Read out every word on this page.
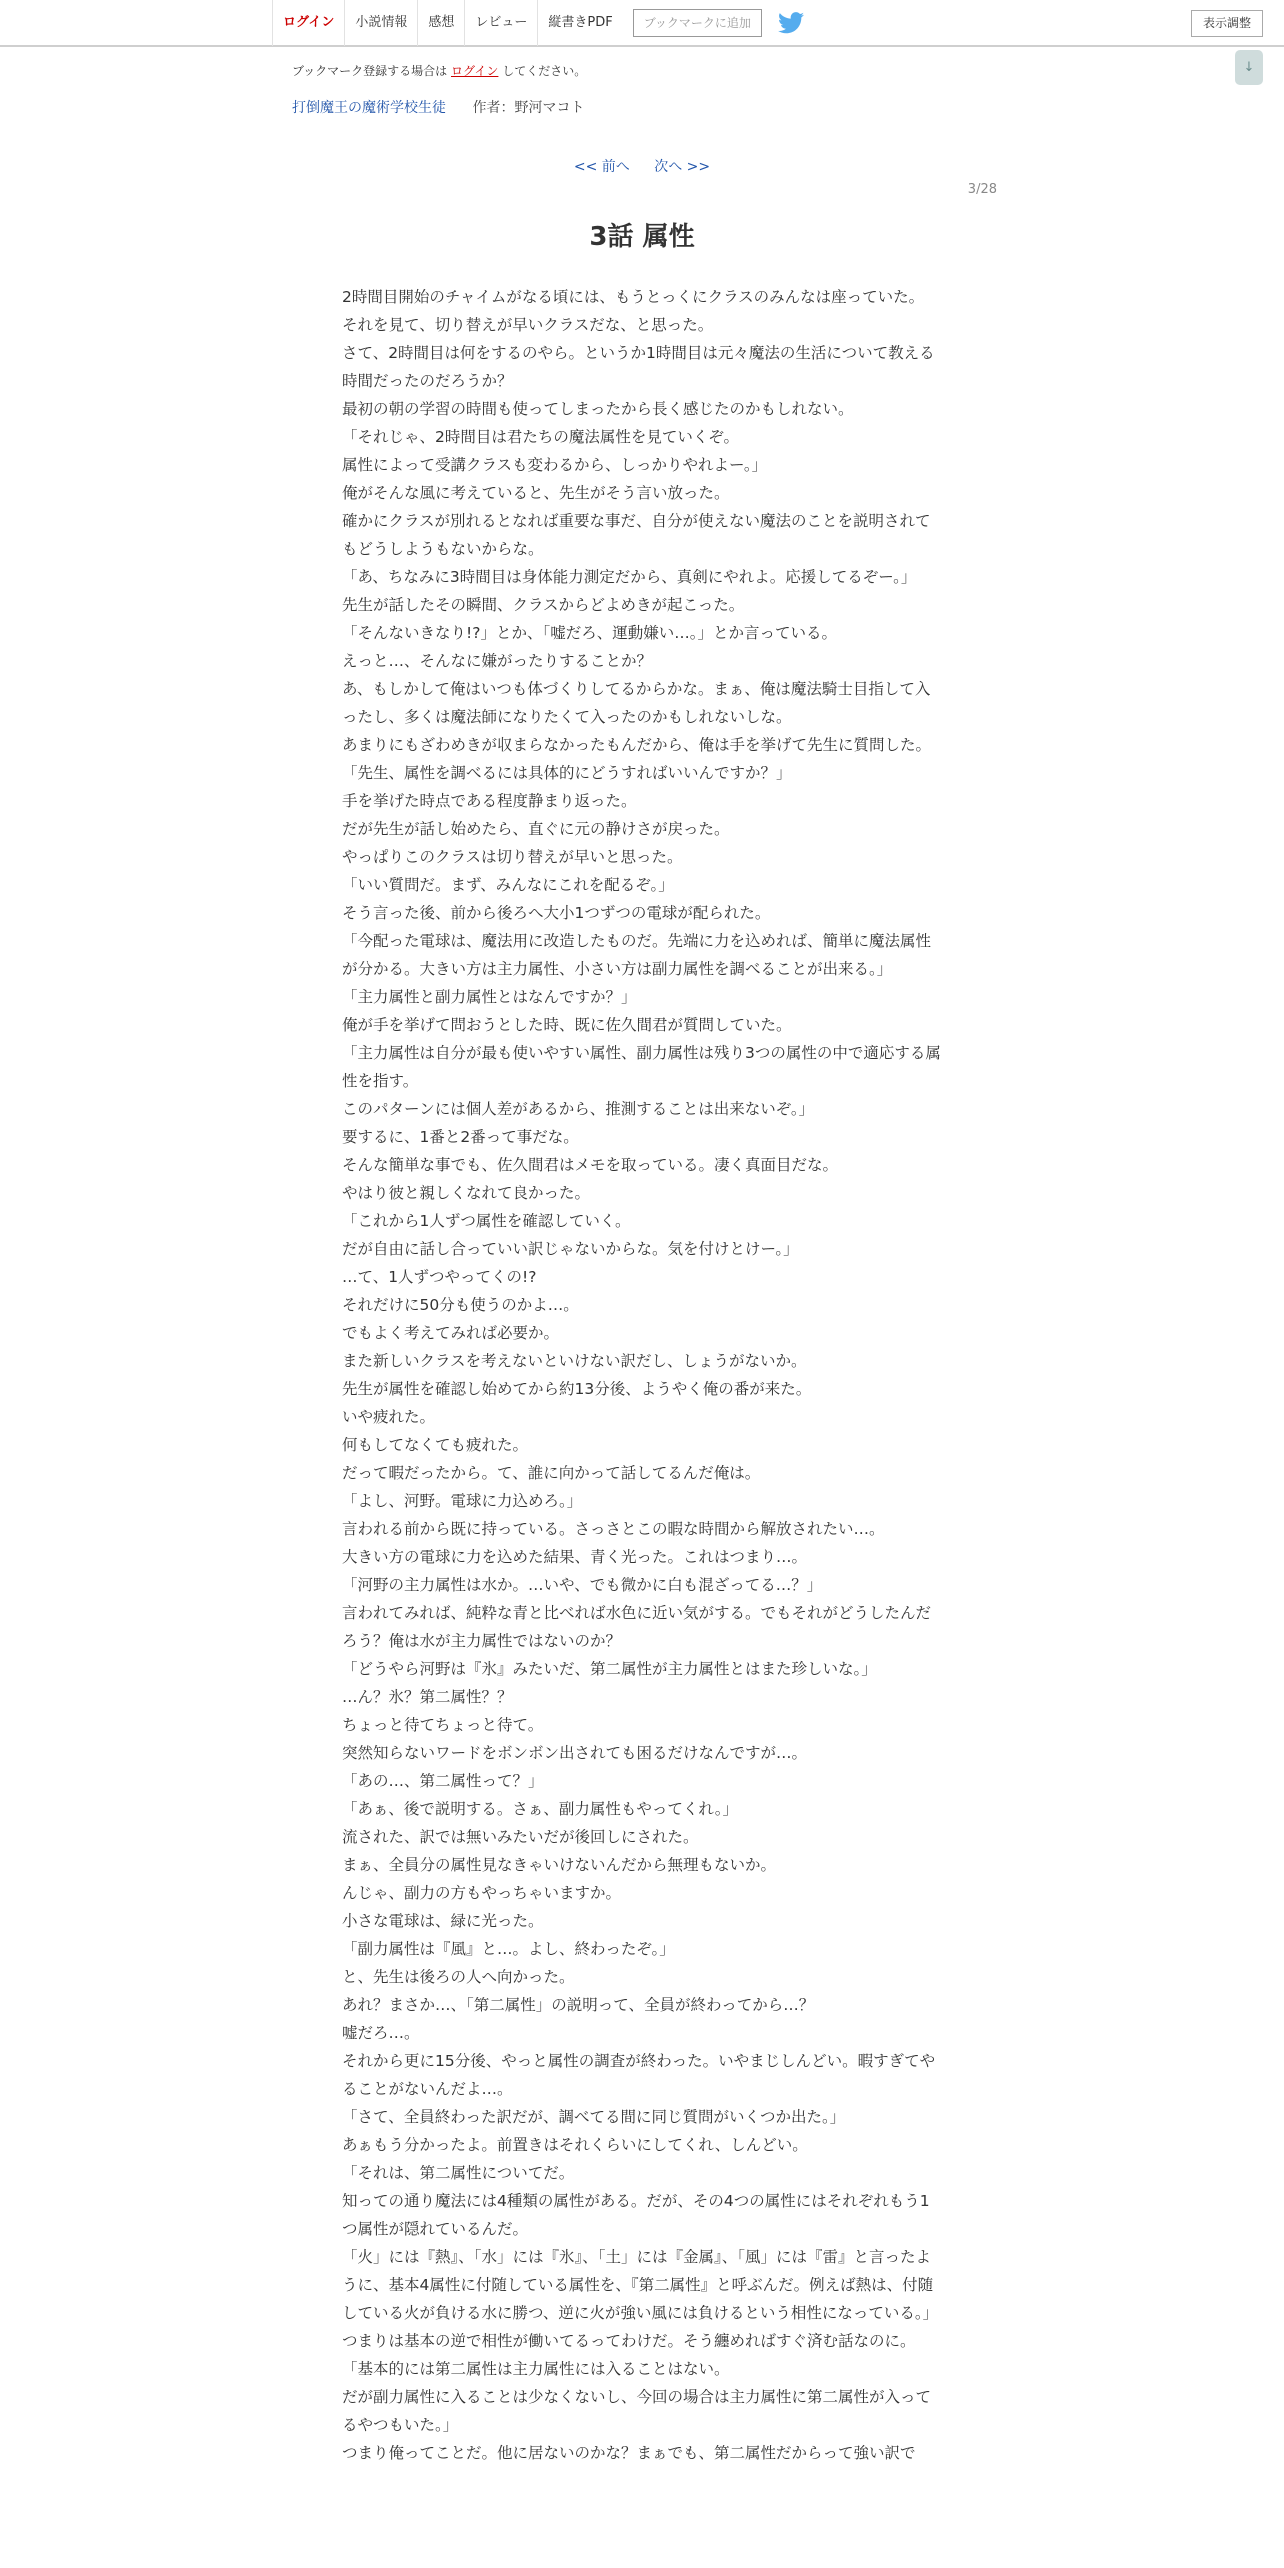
ログイン	小説情報	感想	レビュー	縦書きPDF	ブックマークに追加	表示調整
↓
ブックマーク登録する場合は ログイン してください。
打倒魔王の魔術学校生徒 作者：野河マコト
<< 前へ 次へ >>
3/28
3話 属性

2時間目開始のチャイムがなる頃には、もうとっくにクラスのみんなは座っていた。

それを見て、切り替えが早いクラスだな、と思った。

さて、2時間目は何をするのやら。というか1時間目は元々魔法の生活について教える時間だったのだろうか？

最初の朝の学習の時間も使ってしまったから長く感じたのかもしれない。

「それじゃ、2時間目は君たちの魔法属性を見ていくぞ。

属性によって受講クラスも変わるから、しっかりやれよー。」

俺がそんな風に考えていると、先生がそう言い放った。

確かにクラスが別れるとなれば重要な事だ、自分が使えない魔法のことを説明されてもどうしようもないからな。

「あ、ちなみに3時間目は身体能力測定だから、真剣にやれよ。応援してるぞー。」

先生が話したその瞬間、クラスからどよめきが起こった。

「そんないきなり!?」とか、「嘘だろ、運動嫌い…。」とか言っている。

えっと…、そんなに嫌がったりすることか？

あ、もしかして俺はいつも体づくりしてるからかな。まぁ、俺は魔法騎士目指して入ったし、多くは魔法師になりたくて入ったのかもしれないしな。

あまりにもざわめきが収まらなかったもんだから、俺は手を挙げて先生に質問した。

「先生、属性を調べるには具体的にどうすればいいんですか？」

手を挙げた時点である程度静まり返った。

だが先生が話し始めたら、直ぐに元の静けさが戻った。

やっぱりこのクラスは切り替えが早いと思った。

「いい質問だ。まず、みんなにこれを配るぞ。」

そう言った後、前から後ろへ大小1つずつの電球が配られた。

「今配った電球は、魔法用に改造したものだ。先端に力を込めれば、簡単に魔法属性が分かる。大きい方は主力属性、小さい方は副力属性を調べることが出来る。」

「主力属性と副力属性とはなんですか？」

俺が手を挙げて問おうとした時、既に佐久間君が質問していた。

「主力属性は自分が最も使いやすい属性、副力属性は残り3つの属性の中で適応する属性を指す。

このパターンには個人差があるから、推測することは出来ないぞ。」

要するに、1番と2番って事だな。

そんな簡単な事でも、佐久間君はメモを取っている。凄く真面目だな。

やはり彼と親しくなれて良かった。

「これから1人ずつ属性を確認していく。

だが自由に話し合っていい訳じゃないからな。気を付けとけー。」

…て、1人ずつやってくの!?

それだけに50分も使うのかよ…。

でもよく考えてみれば必要か。

また新しいクラスを考えないといけない訳だし、しょうがないか。

先生が属性を確認し始めてから約13分後、ようやく俺の番が来た。

いや疲れた。

何もしてなくても疲れた。

だって暇だったから。て、誰に向かって話してるんだ俺は。

「よし、河野。電球に力込めろ。」

言われる前から既に持っている。さっさとこの暇な時間から解放されたい…。

大きい方の電球に力を込めた結果、青く光った。これはつまり…。

「河野の主力属性は水か。…いや、でも微かに白も混ざってる…？」

言われてみれば、純粋な青と比べれば水色に近い気がする。でもそれがどうしたんだろう？俺は水が主力属性ではないのか？

「どうやら河野は『氷』みたいだ、第二属性が主力属性とはまた珍しいな。」

…ん？氷？第二属性？？

ちょっと待てちょっと待て。

突然知らないワードをボンボン出されても困るだけなんですが…。

「あの…、第二属性って？」

「あぁ、後で説明する。さぁ、副力属性もやってくれ。」

流された、訳では無いみたいだが後回しにされた。

まぁ、全員分の属性見なきゃいけないんだから無理もないか。

んじゃ、副力の方もやっちゃいますか。

小さな電球は、緑に光った。

「副力属性は『風』と…。よし、終わったぞ。」

と、先生は後ろの人へ向かった。

あれ？まさか…、「第二属性」の説明って、全員が終わってから…？

嘘だろ…。

それから更に15分後、やっと属性の調査が終わった。いやまじしんどい。暇すぎてやることがないんだよ…。

「さて、全員終わった訳だが、調べてる間に同じ質問がいくつか出た。」

あぁもう分かったよ。前置きはそれくらいにしてくれ、しんどい。

「それは、第二属性についてだ。

知っての通り魔法には4種類の属性がある。だが、その4つの属性にはそれぞれもう1つ属性が隠れているんだ。

「火」には『熱』、「水」には『氷』、「土」には『金属』、「風」には『雷』と言ったように、基本4属性に付随している属性を、『第二属性』と呼ぶんだ。例えば熱は、付随している火が負ける水に勝つ、逆に火が強い風には負けるという相性になっている。」

つまりは基本の逆で相性が働いてるってわけだ。そう纏めればすぐ済む話なのに。

「基本的には第二属性は主力属性には入ることはない。

だが副力属性に入ることは少なくないし、今回の場合は主力属性に第二属性が入ってるやつもいた。」

つまり俺ってことだ。他に居ないのかな？まぁでも、第二属性だからって強い訳で
